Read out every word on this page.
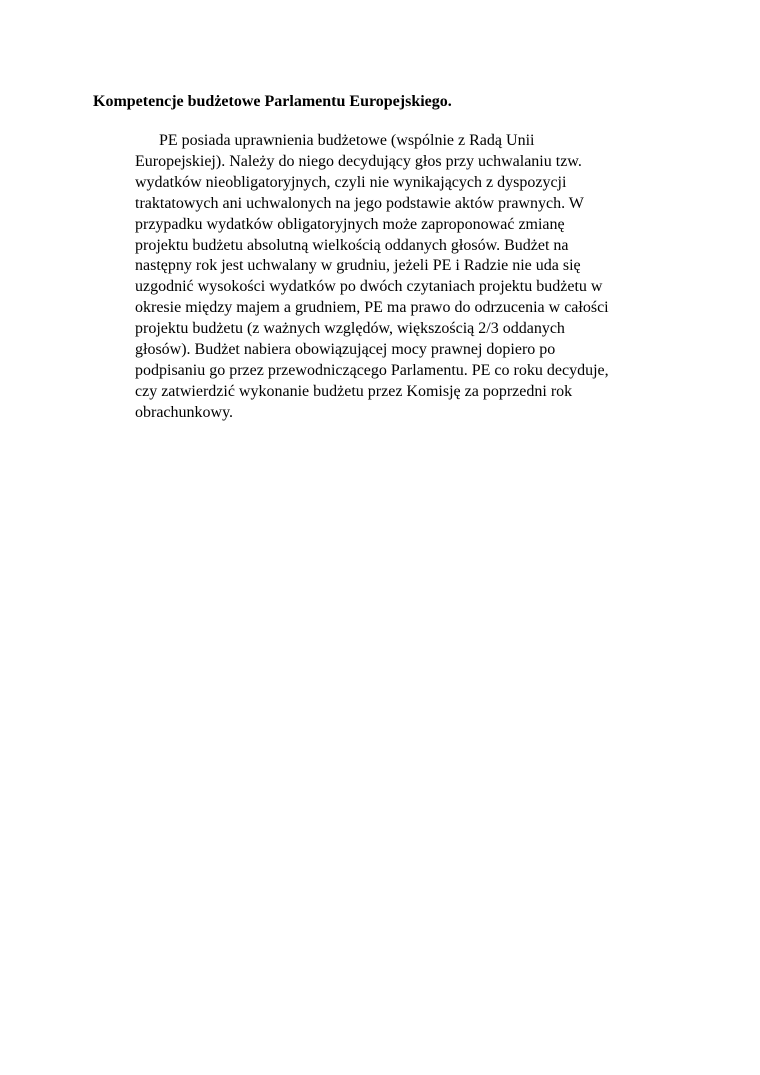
Kompetencje budżetowe Parlamentu Europejskiego.

PE posiada uprawnienia budżetowe (wspólnie z Radą Unii
Europejskiej). Należy do niego decydujący głos przy uchwalaniu tzw.
wydatków nieobligatoryjnych, czyli nie wynikających z dyspozycji
traktatowych ani uchwalonych na jego podstawie aktów prawnych. W
przypadku wydatków obligatoryjnych może zaproponować zmianę
projektu budżetu absolutną wielkością oddanych głosów. Budżet na
następny rok jest uchwalany w grudniu, jeżeli PE i Radzie nie uda się
uzgodnić wysokości wydatków po dwóch czytaniach projektu budżetu w
okresie między majem a grudniem, PE ma prawo do odrzucenia w całości
projektu budżetu (z ważnych względów, większością 2/3 oddanych
głosów). Budżet nabiera obowiązującej mocy prawnej dopiero po
podpisaniu go przez przewodniczącego Parlamentu. PE co roku decyduje,
czy zatwierdzić wykonanie budżetu przez Komisję za poprzedni rok
obrachunkowy.
